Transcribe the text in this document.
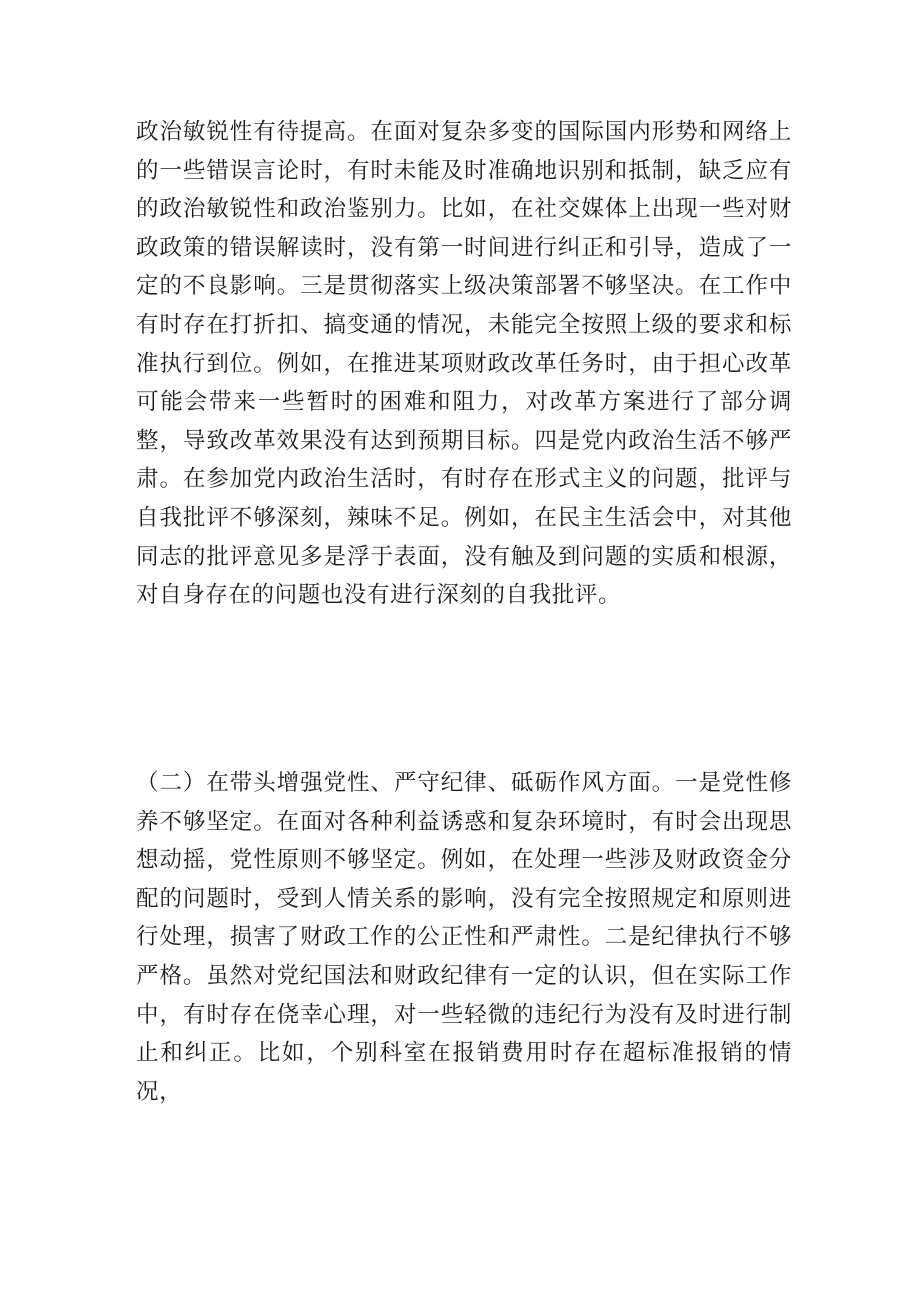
政治敏锐性有待提高。在面对复杂多变的国际国内形势和网络上的一些错误言论时，有时未能及时准确地识别和抵制，缺乏应有的政治敏锐性和政治鉴别力。比如，在社交媒体上出现一些对财政政策的错误解读时，没有第一时间进行纠正和引导，造成了一定的不良影响。三是贯彻落实上级决策部署不够坚决。在工作中有时存在打折扣、搞变通的情况，未能完全按照上级的要求和标准执行到位。例如，在推进某项财政改革任务时，由于担心改革可能会带来一些暂时的困难和阻力，对改革方案进行了部分调整，导致改革效果没有达到预期目标。四是党内政治生活不够严肃。在参加党内政治生活时，有时存在形式主义的问题，批评与自我批评不够深刻，辣味不足。例如，在民主生活会中，对其他同志的批评意见多是浮于表面，没有触及到问题的实质和根源，对自身存在的问题也没有进行深刻的自我批评。

（二）在带头增强党性、严守纪律、砥砺作风方面。一是党性修养不够坚定。在面对各种利益诱惑和复杂环境时，有时会出现思想动摇，党性原则不够坚定。例如，在处理一些涉及财政资金分配的问题时，受到人情关系的影响，没有完全按照规定和原则进行处理，损害了财政工作的公正性和严肃性。二是纪律执行不够严格。虽然对党纪国法和财政纪律有一定的认识，但在实际工作中，有时存在侥幸心理，对一些轻微的违纪行为没有及时进行制止和纠正。比如，个别科室在报销费用时存在超标准报销的情况，
